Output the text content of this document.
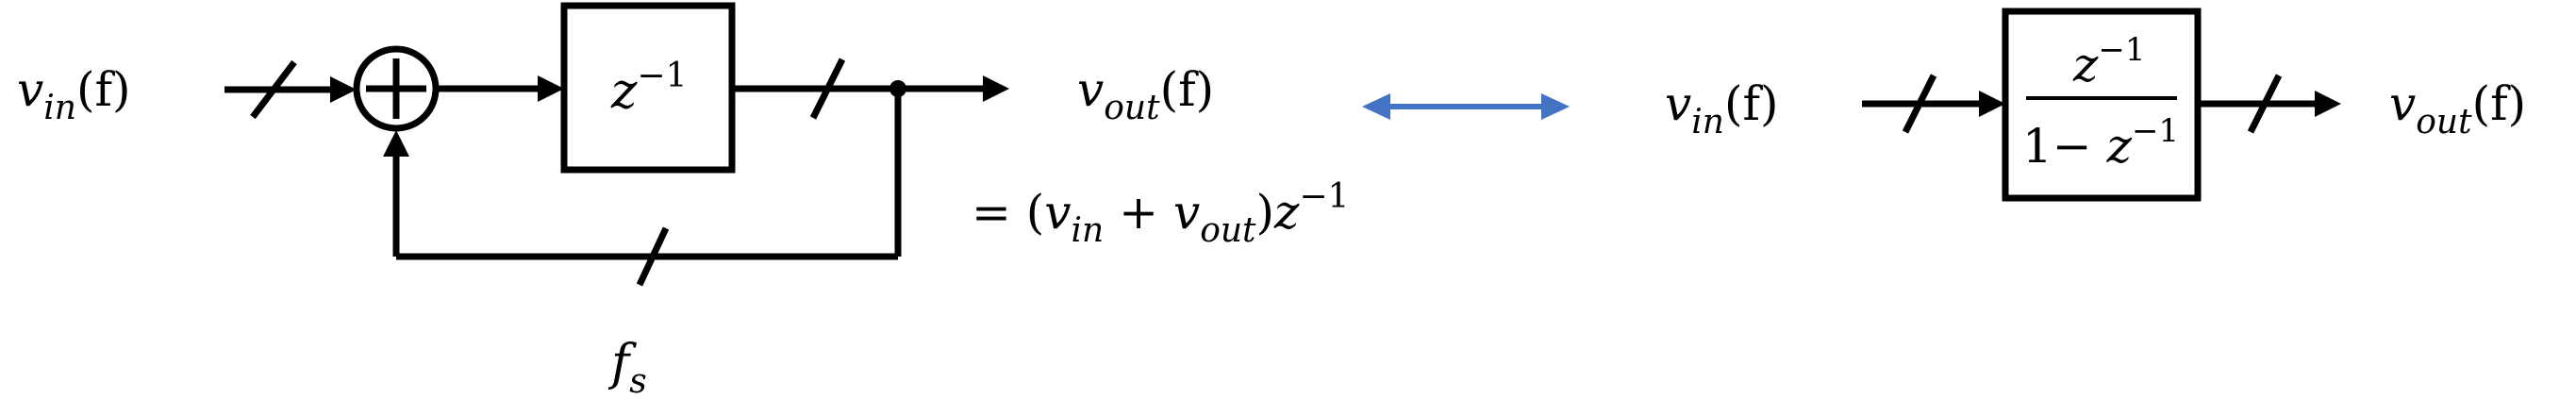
$v_{in}(f)$	$z^{-1}$	$v_{out}(f)$
= $(v_{in} + v_{out})z^{-1}$
$f_s$
$v_{in}(f)$
$z^{-1}$
$1- z^{-1}$	$v_{out}(f)$
